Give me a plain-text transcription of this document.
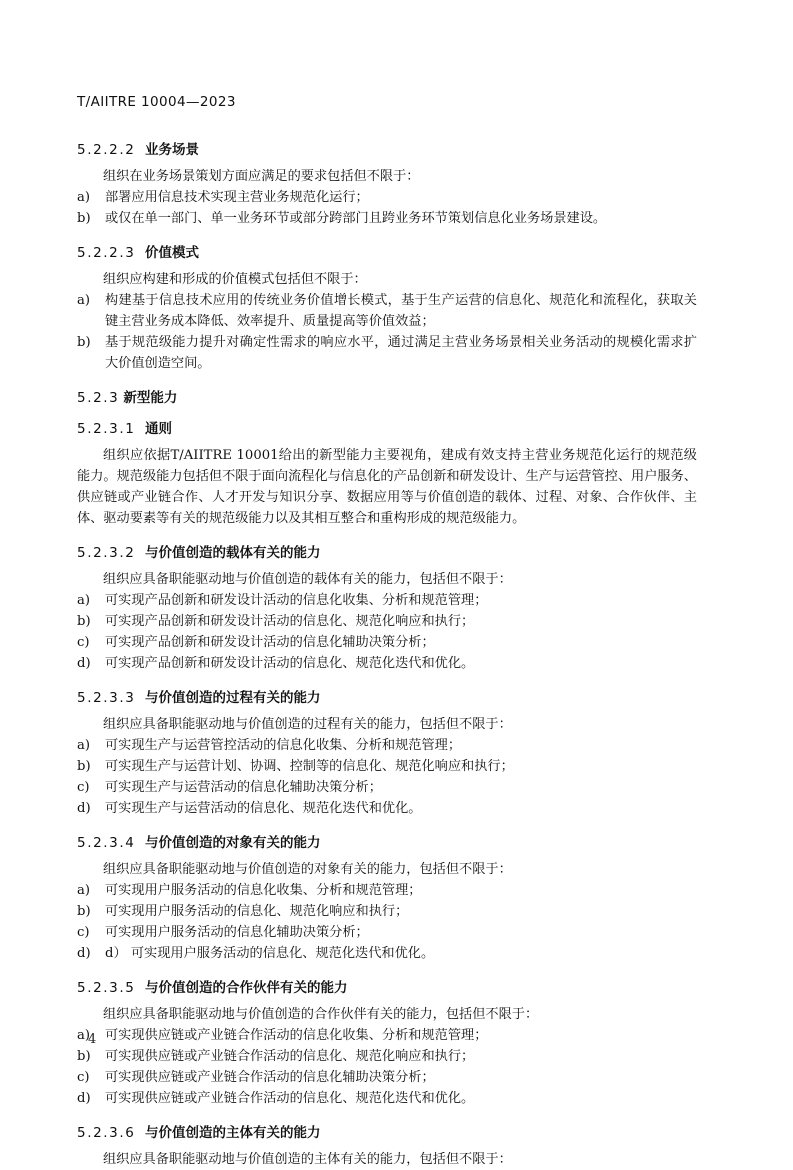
T/AIITRE 10004—2023
5.2.2.2 业务场景
组织在业务场景策划方面应满足的要求包括但不限于：
a)	部署应用信息技术实现主营业务规范化运行；
b)	或仅在单一部门、单一业务环节或部分跨部门且跨业务环节策划信息化业务场景建设。
5.2.2.3 价值模式
组织应构建和形成的价值模式包括但不限于：
a)	构建基于信息技术应用的传统业务价值增长模式，基于生产运营的信息化、规范化和流程化，获取关键主营业务成本降低、效率提升、质量提高等价值效益；
b)	基于规范级能力提升对确定性需求的响应水平，通过满足主营业务场景相关业务活动的规模化需求扩大价值创造空间。
5.2.3 新型能力
5.2.3.1 通则
组织应依据T/AIITRE 10001给出的新型能力主要视角，建成有效支持主营业务规范化运行的规范级能力。规范级能力包括但不限于面向流程化与信息化的产品创新和研发设计、生产与运营管控、用户服务、供应链或产业链合作、人才开发与知识分享、数据应用等与价值创造的载体、过程、对象、合作伙伴、主体、驱动要素等有关的规范级能力以及其相互整合和重构形成的规范级能力。
5.2.3.2 与价值创造的载体有关的能力
组织应具备职能驱动地与价值创造的载体有关的能力，包括但不限于：
a)	可实现产品创新和研发设计活动的信息化收集、分析和规范管理；
b)	可实现产品创新和研发设计活动的信息化、规范化响应和执行；
c)	可实现产品创新和研发设计活动的信息化辅助决策分析；
d)	可实现产品创新和研发设计活动的信息化、规范化迭代和优化。
5.2.3.3 与价值创造的过程有关的能力
组织应具备职能驱动地与价值创造的过程有关的能力，包括但不限于：
a)	可实现生产与运营管控活动的信息化收集、分析和规范管理；
b)	可实现生产与运营计划、协调、控制等的信息化、规范化响应和执行；
c)	可实现生产与运营活动的信息化辅助决策分析；
d)	可实现生产与运营活动的信息化、规范化迭代和优化。
5.2.3.4 与价值创造的对象有关的能力
组织应具备职能驱动地与价值创造的对象有关的能力，包括但不限于：
a)	可实现用户服务活动的信息化收集、分析和规范管理；
b)	可实现用户服务活动的信息化、规范化响应和执行；
c)	可实现用户服务活动的信息化辅助决策分析；
d)	d） 可实现用户服务活动的信息化、规范化迭代和优化。
5.2.3.5 与价值创造的合作伙伴有关的能力
组织应具备职能驱动地与价值创造的合作伙伴有关的能力，包括但不限于：
a)	可实现供应链或产业链合作活动的信息化收集、分析和规范管理；
b)	可实现供应链或产业链合作活动的信息化、规范化响应和执行；
c)	可实现供应链或产业链合作活动的信息化辅助决策分析；
d)	可实现供应链或产业链合作活动的信息化、规范化迭代和优化。
5.2.3.6 与价值创造的主体有关的能力
组织应具备职能驱动地与价值创造的主体有关的能力，包括但不限于：
4
